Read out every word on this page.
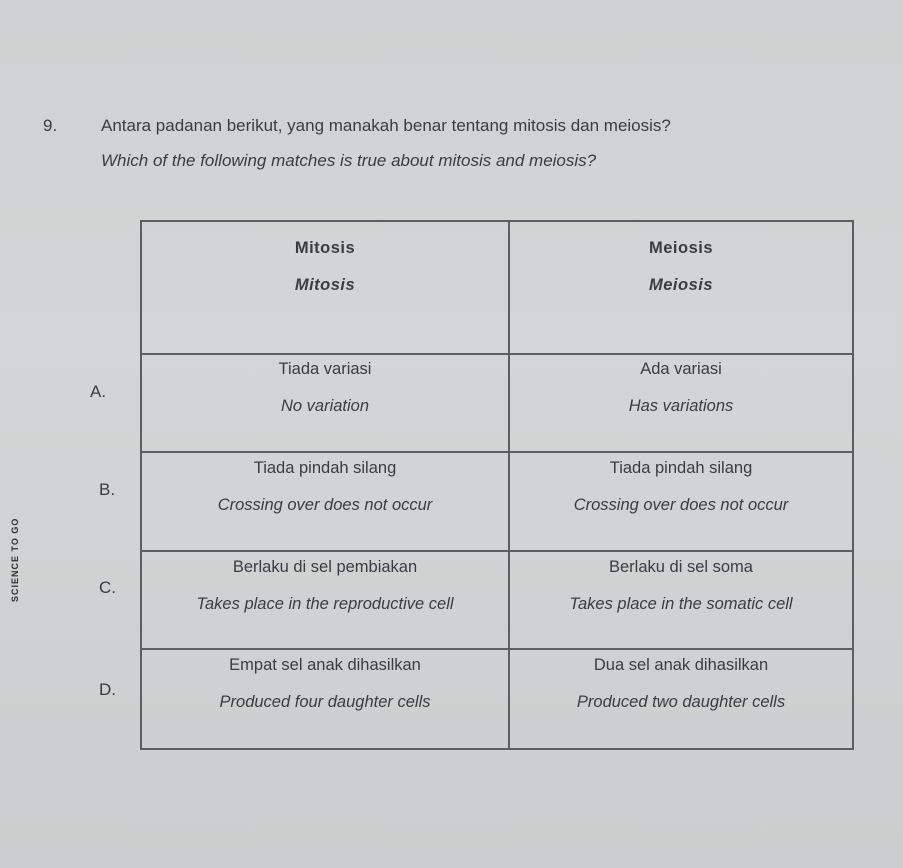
SCIENCE TO GO
9.	Antara padanan berikut, yang manakah benar tentang mitosis dan meiosis?
Which of the following matches is true about mitosis and meiosis?
A.
B.
C.
D.
Mitosis
Mitosis
Meiosis
Meiosis
Tiada variasi
No variation
Ada variasi
Has variations
Tiada pindah silang
Crossing over does not occur
Tiada pindah silang
Crossing over does not occur
Berlaku di sel pembiakan
Takes place in the reproductive cell
Berlaku di sel soma
Takes place in the somatic cell
Empat sel anak dihasilkan
Produced four daughter cells
Dua sel anak dihasilkan
Produced two daughter cells
